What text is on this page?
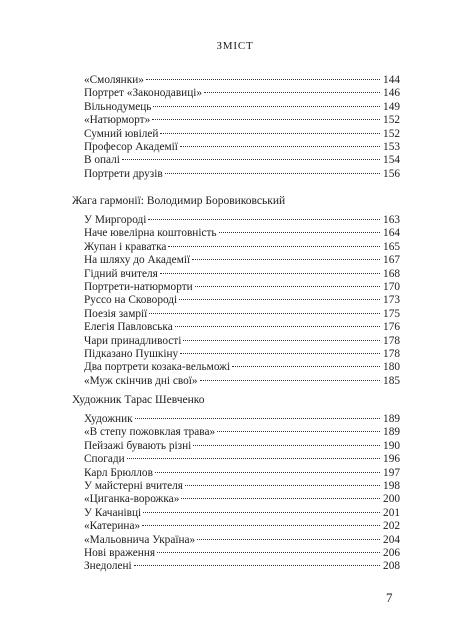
ЗМІСТ
«Смолянки»	144
Портрет «Законодавиці»	146
Вільнодумець	149
«Натюрморт»	152
Сумний ювілей	152
Професор Академії	153
В опалі	154
Портрети друзів	156
Жага гармонії: Володимир Боровиковський
У Миргороді	163
Наче ювелірна коштовність	164
Жупан і краватка	165
На шляху до Академії	167
Гідний вчителя	168
Портрети-натюрморти	170
Руссо на Сковороді	173
Поезія замрії	175
Елегія Павловська	176
Чари принадливості	178
Підказано Пушкіну	178
Два портрети козака-вельможі	180
«Муж скінчив дні свої»	185
Художник Тарас Шевченко
Художник	189
«В степу пожовклая трава»	189
Пейзажі бувають різні	190
Спогади	196
Карл Брюллов	197
У майстерні вчителя	198
«Циганка-ворожка»	200
У Качанівці	201
«Катерина»	202
«Мальовнича Україна»	204
Нові враження	206
Знедолені	208
7
